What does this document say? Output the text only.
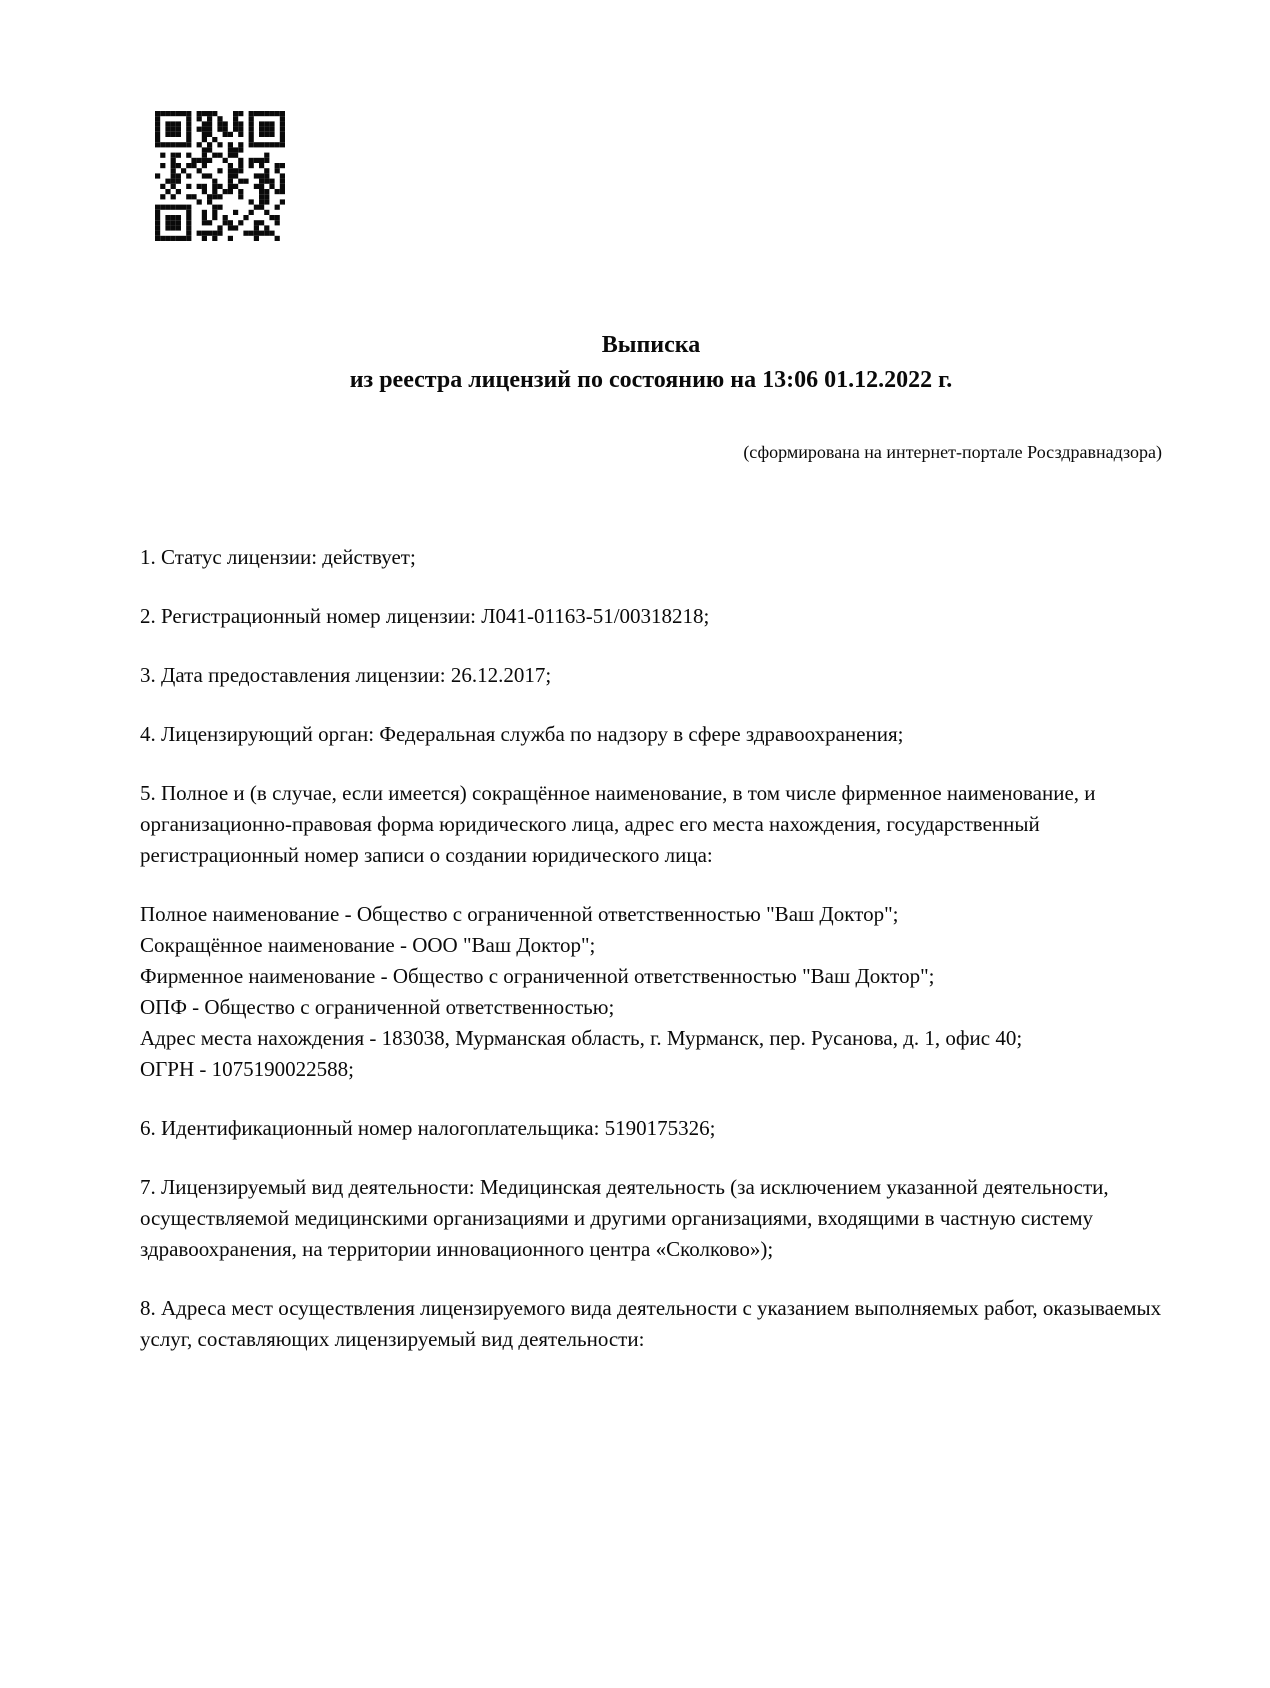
Выписка
из реестра лицензий по состоянию на 13:06 01.12.2022 г.
(сформирована на интернет-портале Росздравнадзора)

1. Статус лицензии: действует;

2. Регистрационный номер лицензии: Л041-01163-51/00318218;

3. Дата предоставления лицензии: 26.12.2017;

4. Лицензирующий орган: Федеральная служба по надзору в сфере здравоохранения;

5. Полное и (в случае, если имеется) сокращённое наименование, в том числе фирменное наименование, и организационно-правовая форма юридического лица, адрес его места нахождения, государственный регистрационный номер записи о создании юридического лица:

Полное наименование - Общество с ограниченной ответственностью "Ваш Доктор";
Сокращённое наименование - ООО "Ваш Доктор";
Фирменное наименование - Общество с ограниченной ответственностью "Ваш Доктор";
ОПФ - Общество с ограниченной ответственностью;
Адрес места нахождения - 183038, Мурманская область, г. Мурманск, пер. Русанова, д. 1, офис 40;
ОГРН - 1075190022588;

6. Идентификационный номер налогоплательщика: 5190175326;

7. Лицензируемый вид деятельности: Медицинская деятельность (за исключением указанной деятельности, осуществляемой медицинскими организациями и другими организациями, входящими в частную систему здравоохранения, на территории инновационного центра «Сколково»);

8. Адреса мест осуществления лицензируемого вида деятельности с указанием выполняемых работ, оказываемых услуг, составляющих лицензируемый вид деятельности:
